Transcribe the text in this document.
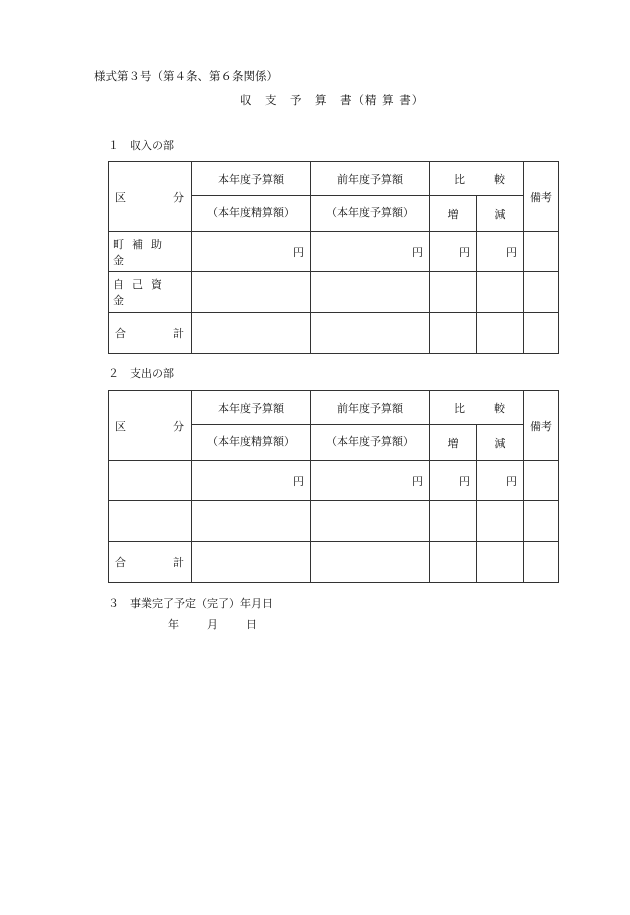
様式第３号（第４条、第６条関係）
収　支　予　算　書（精 算 書）
１　収入の部
区 分	本年度予算額	前年度予算額	比 較		備考
	（本年度精算額）	（本年度予算額）	増	減	
町補助金	円	円	円	円	
自己資金					

合 計					

２　支出の部
区 分	本年度予算額	前年度予算額	比 較		備考
	（本年度精算額）	（本年度予算額）	増	減	
	円	円	円	円	

合 計					

３　事業完了予定（完了）年月日
年　　月　　日
